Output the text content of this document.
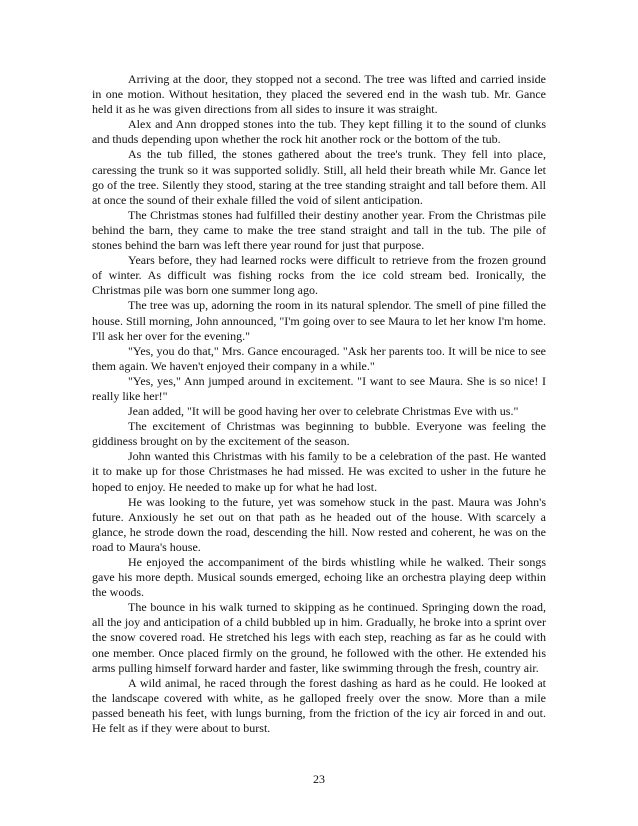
Arriving at the door, they stopped not a second. The tree was lifted and carried inside in one motion. Without hesitation, they placed the severed end in the wash tub. Mr. Gance held it as he was given directions from all sides to insure it was straight.

Alex and Ann dropped stones into the tub. They kept filling it to the sound of clunks and thuds depending upon whether the rock hit another rock or the bottom of the tub.

As the tub filled, the stones gathered about the tree's trunk. They fell into place, caressing the trunk so it was supported solidly. Still, all held their breath while Mr. Gance let go of the tree. Silently they stood, staring at the tree standing straight and tall before them. All at once the sound of their exhale filled the void of silent anticipation.

The Christmas stones had fulfilled their destiny another year. From the Christmas pile behind the barn, they came to make the tree stand straight and tall in the tub. The pile of stones behind the barn was left there year round for just that purpose.

Years before, they had learned rocks were difficult to retrieve from the frozen ground of winter. As difficult was fishing rocks from the ice cold stream bed. Ironically, the Christmas pile was born one summer long ago.

The tree was up, adorning the room in its natural splendor. The smell of pine filled the house. Still morning, John announced, "I'm going over to see Maura to let her know I'm home. I'll ask her over for the evening."

"Yes, you do that," Mrs. Gance encouraged. "Ask her parents too. It will be nice to see them again. We haven't enjoyed their company in a while."

"Yes, yes," Ann jumped around in excitement. "I want to see Maura. She is so nice! I really like her!"

Jean added, "It will be good having her over to celebrate Christmas Eve with us."

The excitement of Christmas was beginning to bubble. Everyone was feeling the giddiness brought on by the excitement of the season.

John wanted this Christmas with his family to be a celebration of the past. He wanted it to make up for those Christmases he had missed. He was excited to usher in the future he hoped to enjoy. He needed to make up for what he had lost.

He was looking to the future, yet was somehow stuck in the past. Maura was John's future. Anxiously he set out on that path as he headed out of the house. With scarcely a glance, he strode down the road, descending the hill. Now rested and coherent, he was on the road to Maura's house.

He enjoyed the accompaniment of the birds whistling while he walked. Their songs gave his more depth. Musical sounds emerged, echoing like an orchestra playing deep within the woods.

The bounce in his walk turned to skipping as he continued. Springing down the road, all the joy and anticipation of a child bubbled up in him. Gradually, he broke into a sprint over the snow covered road. He stretched his legs with each step, reaching as far as he could with one member. Once placed firmly on the ground, he followed with the other. He extended his arms pulling himself forward harder and faster, like swimming through the fresh, country air.

A wild animal, he raced through the forest dashing as hard as he could. He looked at the landscape covered with white, as he galloped freely over the snow. More than a mile passed beneath his feet, with lungs burning, from the friction of the icy air forced in and out. He felt as if they were about to burst.

23
